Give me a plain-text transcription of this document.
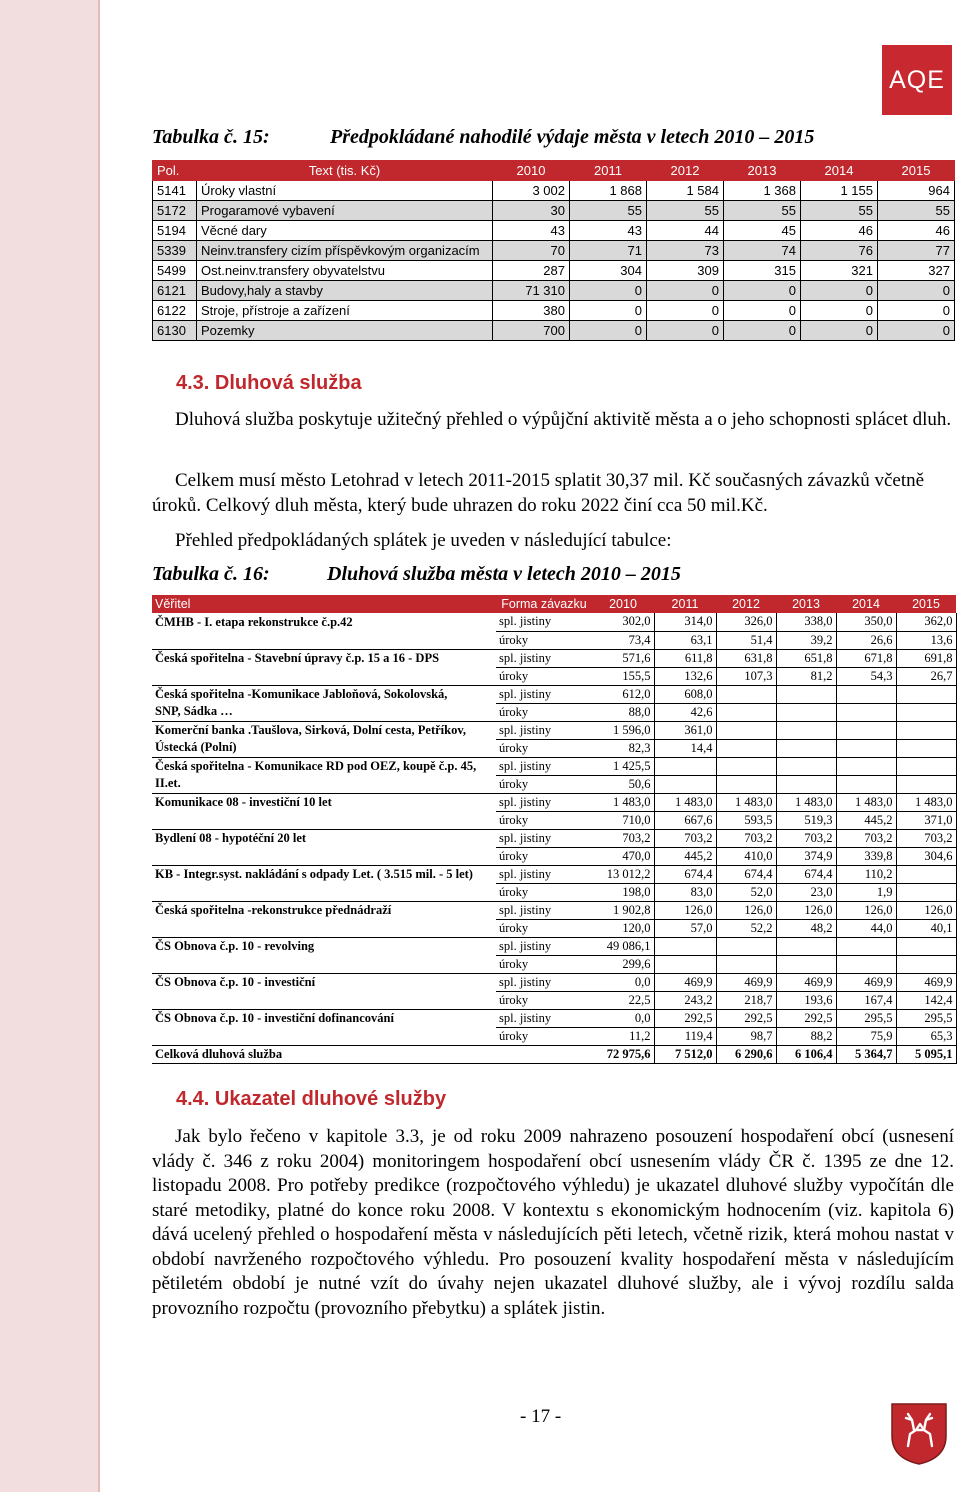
AQE
Tabulka č. 15:	Předpokládané nahodilé výdaje města v letech 2010 – 2015
Pol.	Text (tis. Kč)	2010	2011	2012	2013	2014	2015
5141	Úroky vlastní	3 002	1 868	1 584	1 368	1 155	964
5172	Progaramové vybavení	30	55	55	55	55	55
5194	Věcné dary	43	43	44	45	46	46
5339	Neinv.transfery cizím příspěvkovým organizacím	70	71	73	74	76	77
5499	Ost.neinv.transfery obyvatelstvu	287	304	309	315	321	327
6121	Budovy,haly a stavby	71 310	0	0	0	0	0
6122	Stroje, přístroje a zařízení	380	0	0	0	0	0
6130	Pozemky	700	0	0	0	0	0
4.3. Dluhová služba
Dluhová služba poskytuje užitečný přehled o výpůjční aktivitě města a o jeho schopnosti splácet dluh.
Celkem musí město Letohrad v letech 2011-2015 splatit 30,37 mil. Kč současných závazků včetně úroků. Celkový dluh města, který bude uhrazen do roku 2022 činí cca 50 mil.Kč.
Přehled předpokládaných splátek je uveden v následující tabulce:
Tabulka č. 16:	Dluhová služba města v letech 2010 – 2015
Věřitel	Forma závazku	2010	2011	2012	2013	2014	2015
ČMHB - I. etapa rekonstrukce č.p.42	spl. jistiny	302,0	314,0	326,0	338,0	350,0	362,0
	úroky	73,4	63,1	51,4	39,2	26,6	13,6
Česká spořitelna - Stavební úpravy č.p. 15 a 16 - DPS	spl. jistiny	571,6	611,8	631,8	651,8	671,8	691,8
	úroky	155,5	132,6	107,3	81,2	54,3	26,7
Česká spořitelna -Komunikace Jabloňová, Sokolovská,	spl. jistiny	612,0	608,0				
SNP, Sádka …	úroky	88,0	42,6				
Komerční banka .Taušlova, Sirková, Dolní cesta, Petříkov,	spl. jistiny	1 596,0	361,0				
Ústecká (Polní)	úroky	82,3	14,4				
Česká spořitelna - Komunikace RD pod OEZ, koupě č.p. 45,	spl. jistiny	1 425,5					
II.et.	úroky	50,6					
Komunikace 08 - investiční 10 let	spl. jistiny	1 483,0	1 483,0	1 483,0	1 483,0	1 483,0	1 483,0
	úroky	710,0	667,6	593,5	519,3	445,2	371,0
Bydlení 08 - hypotéční 20 let	spl. jistiny	703,2	703,2	703,2	703,2	703,2	703,2
	úroky	470,0	445,2	410,0	374,9	339,8	304,6
KB - Integr.syst. nakládání s odpady Let. ( 3.515 mil. - 5 let)	spl. jistiny	13 012,2	674,4	674,4	674,4	110,2	
	úroky	198,0	83,0	52,0	23,0	1,9	
Česká spořitelna -rekonstrukce přednádraží	spl. jistiny	1 902,8	126,0	126,0	126,0	126,0	126,0
	úroky	120,0	57,0	52,2	48,2	44,0	40,1
ČS Obnova č.p. 10 - revolving	spl. jistiny	49 086,1					
	úroky	299,6					
ČS Obnova č.p. 10 - investiční	spl. jistiny	0,0	469,9	469,9	469,9	469,9	469,9
	úroky	22,5	243,2	218,7	193,6	167,4	142,4
ČS Obnova č.p. 10 - investiční dofinancování	spl. jistiny	0,0	292,5	292,5	292,5	295,5	295,5
	úroky	11,2	119,4	98,7	88,2	75,9	65,3
Celková dluhová služba		72 975,6	7 512,0	6 290,6	6 106,4	5 364,7	5 095,1
4.4. Ukazatel dluhové služby
Jak bylo řečeno v kapitole 3.3, je od roku 2009 nahrazeno posouzení hospodaření obcí (usnesení vlády č. 346 z roku 2004) monitoringem hospodaření obcí usnesením vlády ČR č. 1395 ze dne 12. listopadu 2008. Pro potřeby predikce (rozpočtového výhledu) je ukazatel dluhové služby vypočítán dle staré metodiky, platné do konce roku 2008. V kontextu s ekonomickým hodnocením (viz. kapitola 6) dává ucelený přehled o hospodaření města v následujících pěti letech, včetně rizik, která mohou nastat v období navrženého rozpočtového výhledu. Pro posouzení kvality hospodaření města v následujícím pětiletém období je nutné vzít do úvahy nejen ukazatel dluhové služby, ale i vývoj rozdílu salda provozního rozpočtu (provozního přebytku) a splátek jistin.
- 17 -
